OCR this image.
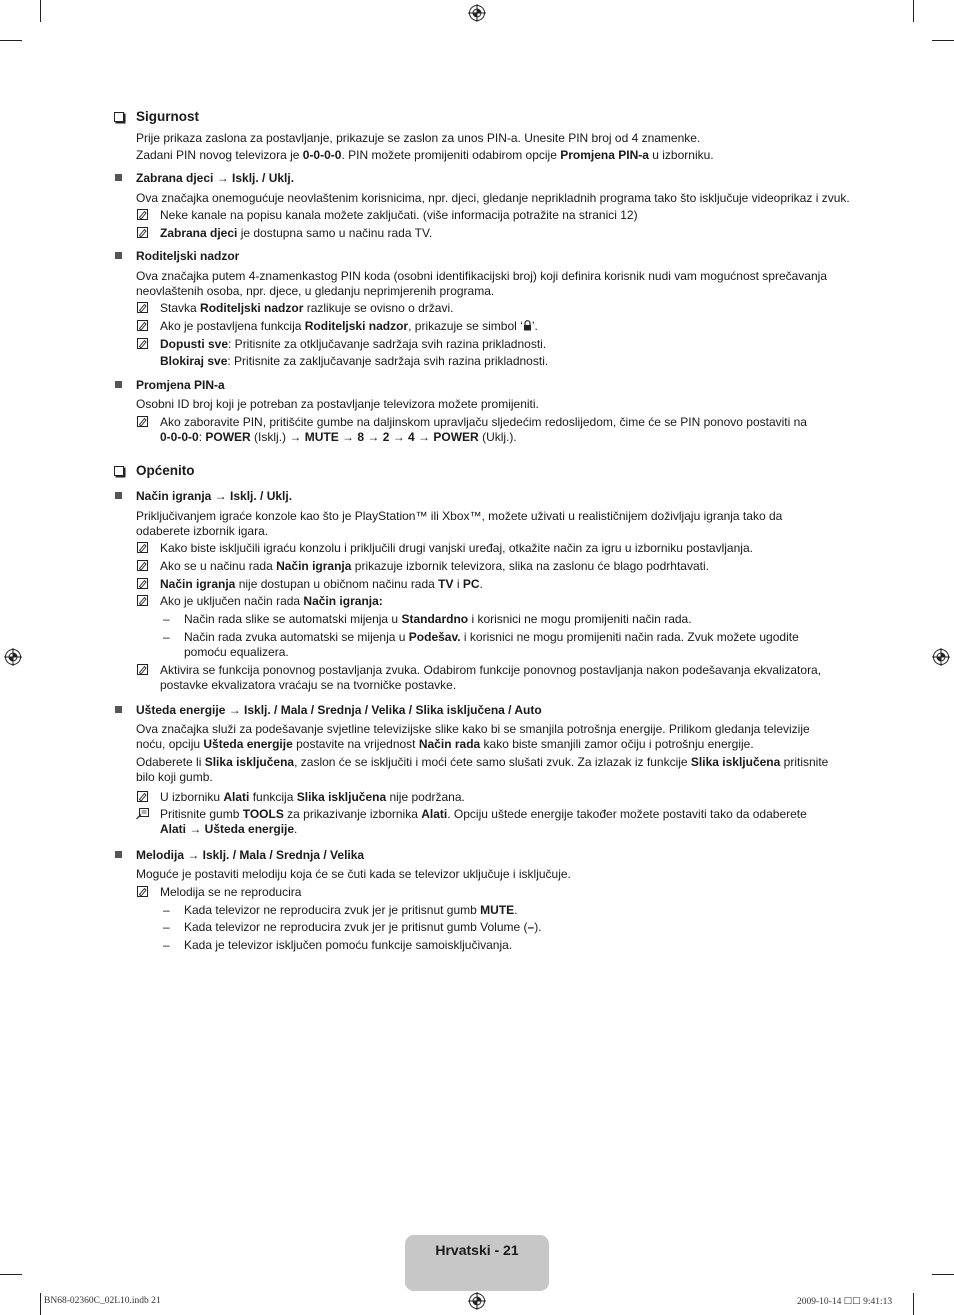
Sigurnost
Prije prikaza zaslona za postavljanje, prikazuje se zaslon za unos PIN-a. Unesite PIN broj od 4 znamenke.
Zadani PIN novog televizora je 0-0-0-0. PIN možete promijeniti odabirom opcije Promjena PIN-a u izborniku.
Zabrana djeci → Isklj. / Uklj.
Ova značajka onemogućuje neovlaštenim korisnicima, npr. djeci, gledanje neprikladnih programa tako što isključuje videoprikaz i zvuk.
Neke kanale na popisu kanala možete zaključati. (više informacija potražite na stranici 12)
Zabrana djeci je dostupna samo u načinu rada TV.
Roditeljski nadzor
Ova značajka putem 4-znamenkastog PIN koda (osobni identifikacijski broj) koji definira korisnik nudi vam mogućnost sprečavanja
neovlaštenih osoba, npr. djece, u gledanju neprimjerenih programa.
Stavka Roditeljski nadzor razlikuje se ovisno o državi.
Ako je postavljena funkcija Roditeljski nadzor, prikazuje se simbol ‘ ’.
Dopusti sve: Pritisnite za otključavanje sadržaja svih razina prikladnosti.
Blokiraj sve: Pritisnite za zaključavanje sadržaja svih razina prikladnosti.
Promjena PIN-a
Osobni ID broj koji je potreban za postavljanje televizora možete promijeniti.
Ako zaboravite PIN, pritišćite gumbe na daljinskom upravljaču sljedećim redoslijedom, čime će se PIN ponovo postaviti na
0-0-0-0: POWER (Isklj.) → MUTE → 8 → 2 → 4 → POWER (Uklj.).
Općenito
Način igranja → Isklj. / Uklj.
Priključivanjem igraće konzole kao što je PlayStation™ ili Xbox™, možete uživati u realističnijem doživljaju igranja tako da
odaberete izbornik igara.
Kako biste isključili igraću konzolu i priključili drugi vanjski uređaj, otkažite način za igru u izborniku postavljanja.
Ako se u načinu rada Način igranja prikazuje izbornik televizora, slika na zaslonu će blago podrhtavati.
Način igranja nije dostupan u običnom načinu rada TV i PC.
Ako je uključen način rada Način igranja:
– Način rada slike se automatski mijenja u Standardno i korisnici ne mogu promijeniti način rada.
– Način rada zvuka automatski se mijenja u Podešav. i korisnici ne mogu promijeniti način rada. Zvuk možete ugodite
pomoću equalizera.
Aktivira se funkcija ponovnog postavljanja zvuka. Odabirom funkcije ponovnog postavljanja nakon podešavanja ekvalizatora,
postavke ekvalizatora vraćaju se na tvorničke postavke.
Ušteda energije → Isklj. / Mala / Srednja / Velika / Slika isključena / Auto
Ova značajka služi za podešavanje svjetline televizijske slike kako bi se smanjila potrošnja energije. Prilikom gledanja televizije
noću, opciju Ušteda energije postavite na vrijednost Način rada kako biste smanjili zamor očiju i potrošnju energije.
Odaberete li Slika isključena, zaslon će se isključiti i moći ćete samo slušati zvuk. Za izlazak iz funkcije Slika isključena pritisnite
bilo koji gumb.
U izborniku Alati funkcija Slika isključena nije podržana.
Pritisnite gumb TOOLS za prikazivanje izbornika Alati. Opciju uštede energije također možete postaviti tako da odaberete
Alati → Ušteda energije.
Melodija → Isklj. / Mala / Srednja / Velika
Moguće je postaviti melodiju koja će se čuti kada se televizor uključuje i isključuje.
Melodija se ne reproducira
– Kada televizor ne reproducira zvuk jer je pritisnut gumb MUTE.
– Kada televizor ne reproducira zvuk jer je pritisnut gumb Volume (–).
– Kada je televizor isključen pomoću funkcije samoisključivanja.
Hrvatski - 21
BN68-02360C_02L10.indb 21	2009-10-14 ☐☐ 9:41:13
